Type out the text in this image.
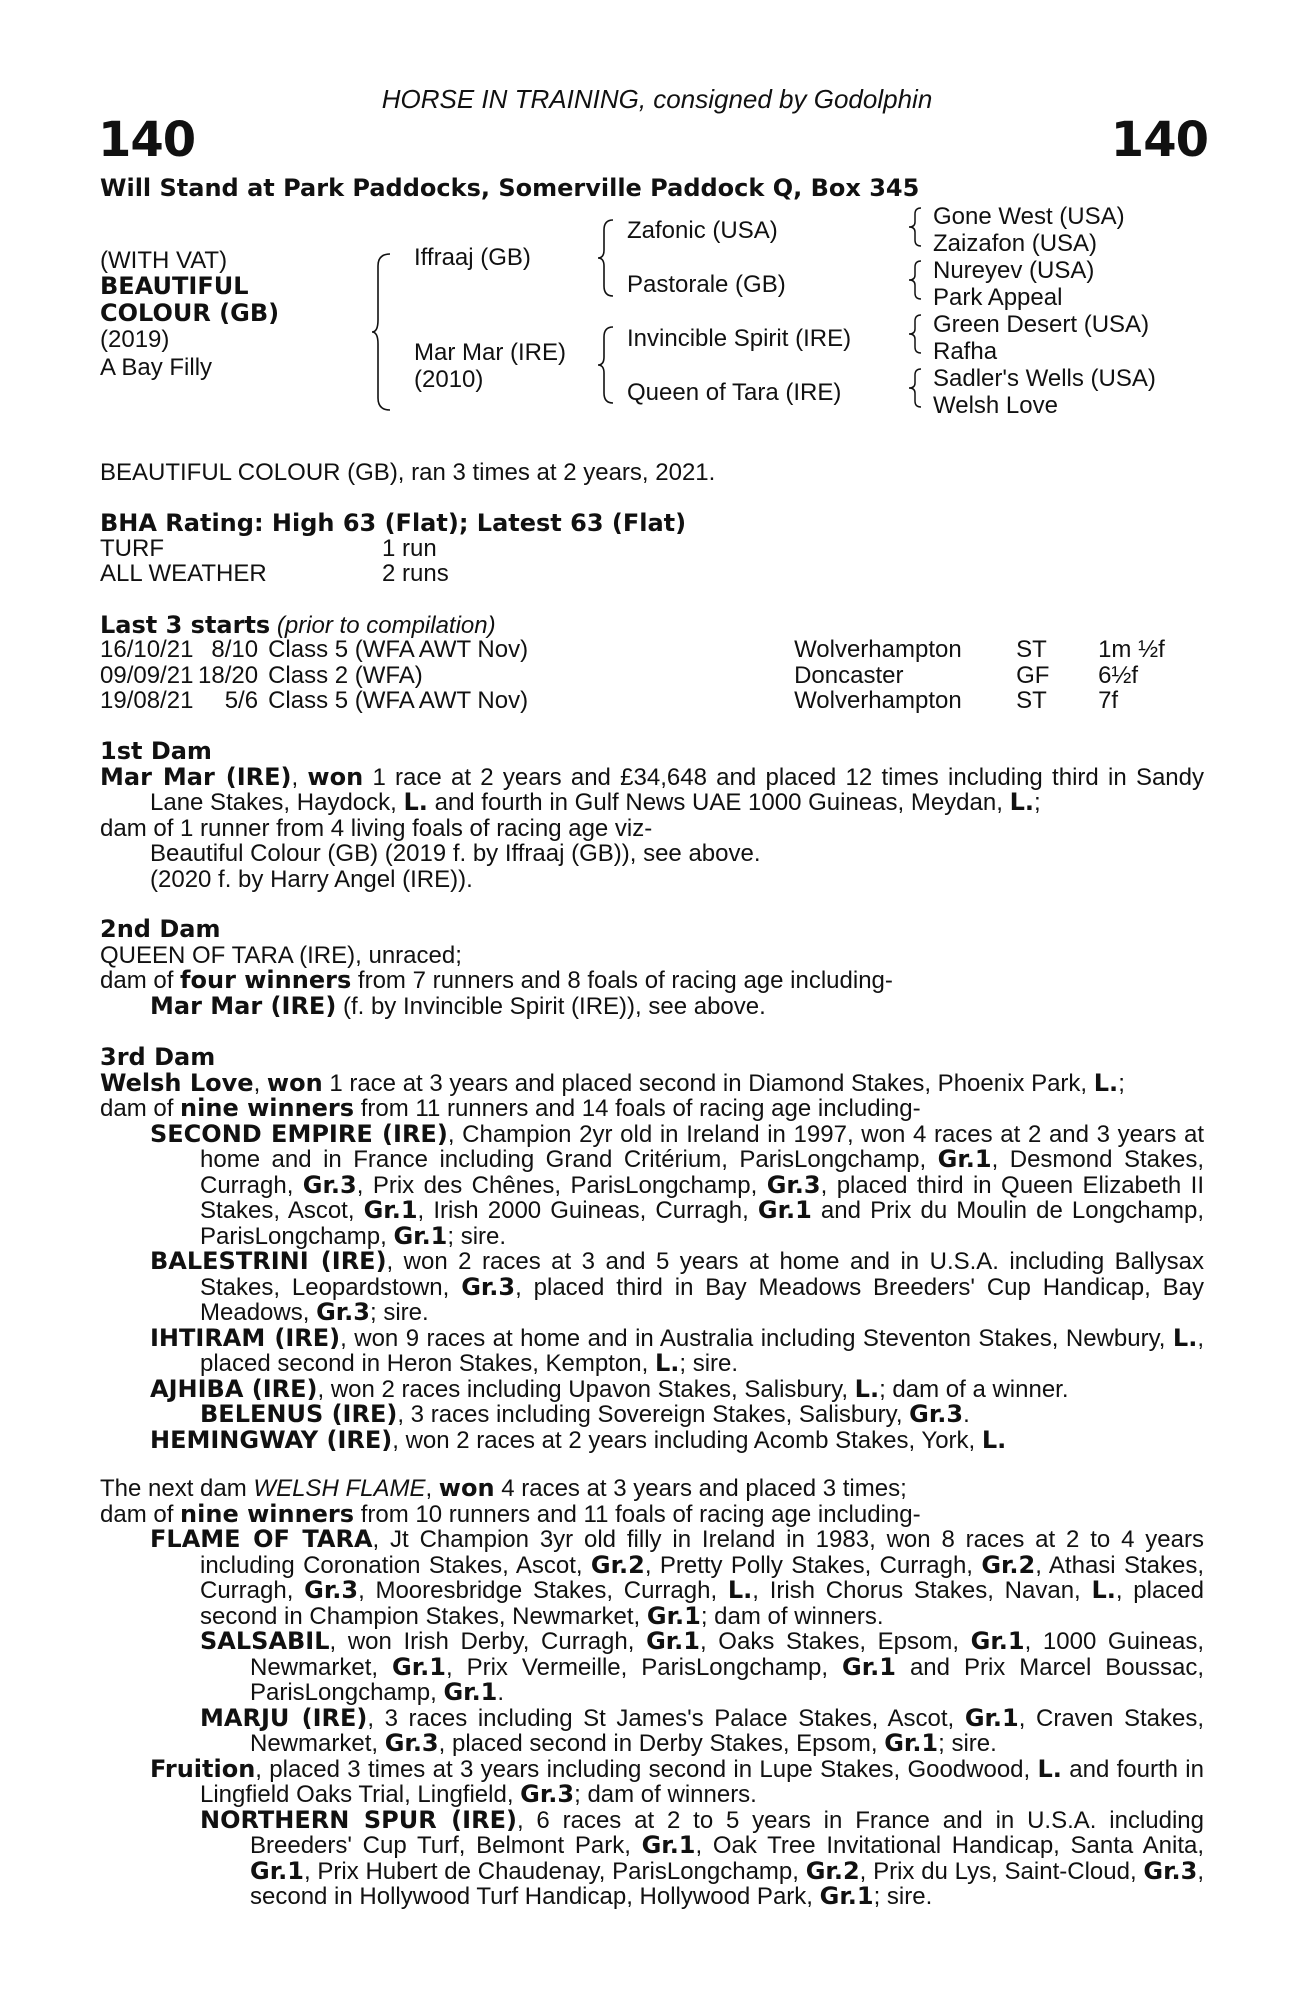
HORSE IN TRAINING, consigned by Godolphin
140	140
Will Stand at Park Paddocks, Somerville Paddock Q, Box 345
(WITH VAT)
BEAUTIFUL
COLOUR (GB)
(2019)
A Bay Filly
Iffraaj (GB)
Mar Mar (IRE)
(2010)
Zafonic (USA)
Pastorale (GB)
Invincible Spirit (IRE)
Queen of Tara (IRE)
Gone West (USA)
Zaizafon (USA)
Nureyev (USA)
Park Appeal
Green Desert (USA)
Rafha
Sadler's Wells (USA)
Welsh Love
BEAUTIFUL COLOUR (GB), ran 3 times at 2 years, 2021.
BHA Rating: High 63 (Flat); Latest 63 (Flat)
TURF	1 run
ALL WEATHER	2 runs
Last 3 starts (prior to compilation)
16/10/21	8/10	Class 5 (WFA AWT Nov)	Wolverhampton	ST	1m ½f
09/09/21	18/20	Class 2 (WFA)	Doncaster	GF	6½f
19/08/21	5/6	Class 5 (WFA AWT Nov)	Wolverhampton	ST	7f

1st Dam

Mar Mar (IRE), won 1 race at 2 years and £34,648 and placed 12 times including third in Sandy Lane Stakes, Haydock, L. and fourth in Gulf News UAE 1000 Guineas, Meydan, L.;

dam of 1 runner from 4 living foals of racing age viz-

Beautiful Colour (GB) (2019 f. by Iffraaj (GB)), see above.

(2020 f. by Harry Angel (IRE)).

2nd Dam

QUEEN OF TARA (IRE), unraced;

dam of four winners from 7 runners and 8 foals of racing age including-

Mar Mar (IRE) (f. by Invincible Spirit (IRE)), see above.

3rd Dam

Welsh Love, won 1 race at 3 years and placed second in Diamond Stakes, Phoenix Park, L.;

dam of nine winners from 11 runners and 14 foals of racing age including-

SECOND EMPIRE (IRE), Champion 2yr old in Ireland in 1997, won 4 races at 2 and 3 years at home and in France including Grand Critérium, ParisLongchamp, Gr.1, Desmond Stakes, Curragh, Gr.3, Prix des Chênes, ParisLongchamp, Gr.3, placed third in Queen Elizabeth II Stakes, Ascot, Gr.1, Irish 2000 Guineas, Curragh, Gr.1 and Prix du Moulin de Longchamp, ParisLongchamp, Gr.1; sire.

BALESTRINI (IRE), won 2 races at 3 and 5 years at home and in U.S.A. including Ballysax Stakes, Leopardstown, Gr.3, placed third in Bay Meadows Breeders' Cup Handicap, Bay Meadows, Gr.3; sire.

IHTIRAM (IRE), won 9 races at home and in Australia including Steventon Stakes, Newbury, L., placed second in Heron Stakes, Kempton, L.; sire.

AJHIBA (IRE), won 2 races including Upavon Stakes, Salisbury, L.; dam of a winner.

BELENUS (IRE), 3 races including Sovereign Stakes, Salisbury, Gr.3.

HEMINGWAY (IRE), won 2 races at 2 years including Acomb Stakes, York, L.

The next dam WELSH FLAME, won 4 races at 3 years and placed 3 times;

dam of nine winners from 10 runners and 11 foals of racing age including-

FLAME OF TARA, Jt Champion 3yr old filly in Ireland in 1983, won 8 races at 2 to 4 years including Coronation Stakes, Ascot, Gr.2, Pretty Polly Stakes, Curragh, Gr.2, Athasi Stakes, Curragh, Gr.3, Mooresbridge Stakes, Curragh, L., Irish Chorus Stakes, Navan, L., placed second in Champion Stakes, Newmarket, Gr.1; dam of winners.

SALSABIL, won Irish Derby, Curragh, Gr.1, Oaks Stakes, Epsom, Gr.1, 1000 Guineas, Newmarket, Gr.1, Prix Vermeille, ParisLongchamp, Gr.1 and Prix Marcel Boussac, ParisLongchamp, Gr.1.

MARJU (IRE), 3 races including St James's Palace Stakes, Ascot, Gr.1, Craven Stakes, Newmarket, Gr.3, placed second in Derby Stakes, Epsom, Gr.1; sire.

Fruition, placed 3 times at 3 years including second in Lupe Stakes, Goodwood, L. and fourth in Lingfield Oaks Trial, Lingfield, Gr.3; dam of winners.

NORTHERN SPUR (IRE), 6 races at 2 to 5 years in France and in U.S.A. including Breeders' Cup Turf, Belmont Park, Gr.1, Oak Tree Invitational Handicap, Santa Anita, Gr.1, Prix Hubert de Chaudenay, ParisLongchamp, Gr.2, Prix du Lys, Saint-Cloud, Gr.3, second in Hollywood Turf Handicap, Hollywood Park, Gr.1; sire.
